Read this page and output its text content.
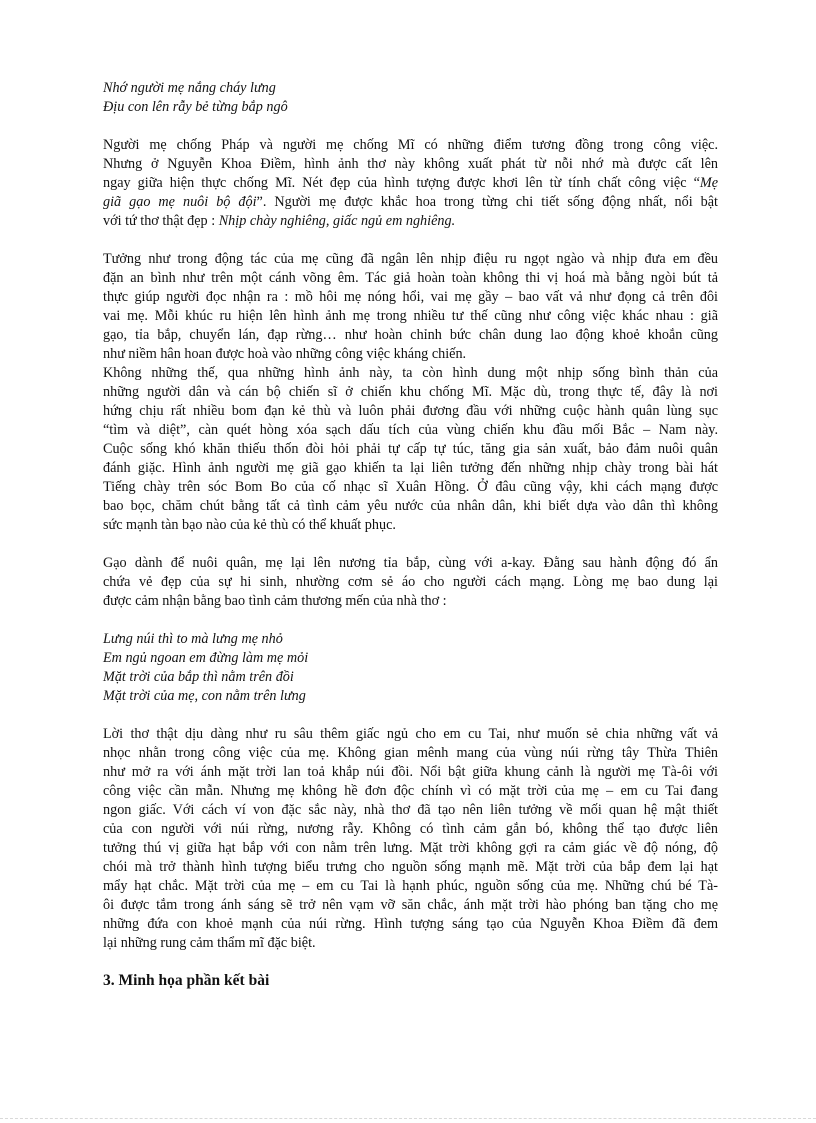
Nhớ người mẹ nắng cháy lưng
Địu con lên rẫy bẻ từng bắp ngô
Người mẹ chống Pháp và người mẹ chống Mĩ có những điểm tương đồng trong công việc.
Nhưng ở Nguyễn Khoa Điềm, hình ảnh thơ này không xuất phát từ nỗi nhớ mà được cất lên
ngay giữa hiện thực chống Mĩ. Nét đẹp của hình tượng được khơi lên từ tính chất công việc “Mẹ
giã gạo mẹ nuôi bộ đội”. Người mẹ được khắc hoa trong từng chi tiết sống động nhất, nổi bật
với tứ thơ thật đẹp : Nhịp chày nghiêng, giấc ngủ em nghiêng.
Tưởng như trong động tác của mẹ cũng đã ngân lên nhịp điệu ru ngọt ngào và nhịp đưa em đều
đặn an bình như trên một cánh võng êm. Tác giả hoàn toàn không thi vị hoá mà bằng ngòi bút tả
thực giúp người đọc nhận ra : mồ hôi mẹ nóng hổi, vai mẹ gầy – bao vất vả như đọng cả trên đôi
vai mẹ. Mỗi khúc ru hiện lên hình ảnh mẹ trong nhiều tư thế cũng như công việc khác nhau : giã
gạo, tỉa bắp, chuyển lán, đạp rừng… như hoàn chỉnh bức chân dung lao động khoẻ khoắn cũng
như niềm hân hoan được hoà vào những công việc kháng chiến.
Không những thế, qua những hình ảnh này, ta còn hình dung một nhịp sống bình thản của
những người dân và cán bộ chiến sĩ ở chiến khu chống Mĩ. Mặc dù, trong thực tế, đây là nơi
hứng chịu rất nhiều bom đạn kẻ thù và luôn phải đương đầu với những cuộc hành quân lùng sục
“tìm và diệt”, càn quét hòng xóa sạch dấu tích của vùng chiến khu đầu mối Bắc – Nam này.
Cuộc sống khó khăn thiếu thốn đòi hỏi phải tự cấp tự túc, tăng gia sản xuất, bảo đảm nuôi quân
đánh giặc. Hình ảnh người mẹ giã gạo khiến ta lại liên tưởng đến những nhịp chày trong bài hát
Tiếng chày trên sóc Bom Bo của cố nhạc sĩ Xuân Hồng. Ở đâu cũng vậy, khi cách mạng được
bao bọc, chăm chút bằng tất cả tình cảm yêu nước của nhân dân, khi biết dựa vào dân thì không
sức mạnh tàn bạo nào của kẻ thù có thể khuất phục.
Gạo dành để nuôi quân, mẹ lại lên nương tỉa bắp, cùng với a-kay. Đằng sau hành động đó ẩn
chứa vẻ đẹp của sự hi sinh, nhường cơm sẻ áo cho người cách mạng. Lòng mẹ bao dung lại
được cảm nhận bằng bao tình cảm thương mến của nhà thơ :
Lưng núi thì to mà lưng mẹ nhỏ
Em ngủ ngoan em đừng làm mẹ mỏi
Mặt trời của bắp thì nằm trên đồi
Mặt trời của mẹ, con nằm trên lưng
Lời thơ thật dịu dàng như ru sâu thêm giấc ngủ cho em cu Tai, như muốn sẻ chia những vất vả
nhọc nhằn trong công việc của mẹ. Không gian mênh mang của vùng núi rừng tây Thừa Thiên
như mở ra với ánh mặt trời lan toả khắp núi đồi. Nổi bật giữa khung cảnh là người mẹ Tà-ôi với
công việc cần mẫn. Nhưng mẹ không hề đơn độc chính vì có mặt trời của mẹ – em cu Tai đang
ngon giấc. Với cách ví von đặc sắc này, nhà thơ đã tạo nên liên tưởng về mối quan hệ mật thiết
của con người với núi rừng, nương rẫy. Không có tình cảm gắn bó, không thể tạo được liên
tưởng thú vị giữa hạt bắp với con nằm trên lưng. Mặt trời không gợi ra cảm giác về độ nóng, độ
chói mà trở thành hình tượng biểu trưng cho nguồn sống mạnh mẽ. Mặt trời của bắp đem lại hạt
mẩy hạt chắc. Mặt trời của mẹ – em cu Tai là hạnh phúc, nguồn sống của mẹ. Những chú bé Tà-
ôi được tắm trong ánh sáng sẽ trở nên vạm vỡ săn chắc, ánh mặt trời hào phóng ban tặng cho mẹ
những đứa con khoẻ mạnh của núi rừng. Hình tượng sáng tạo của Nguyễn Khoa Điềm đã đem
lại những rung cảm thẩm mĩ đặc biệt.
3. Minh họa phần kết bài
